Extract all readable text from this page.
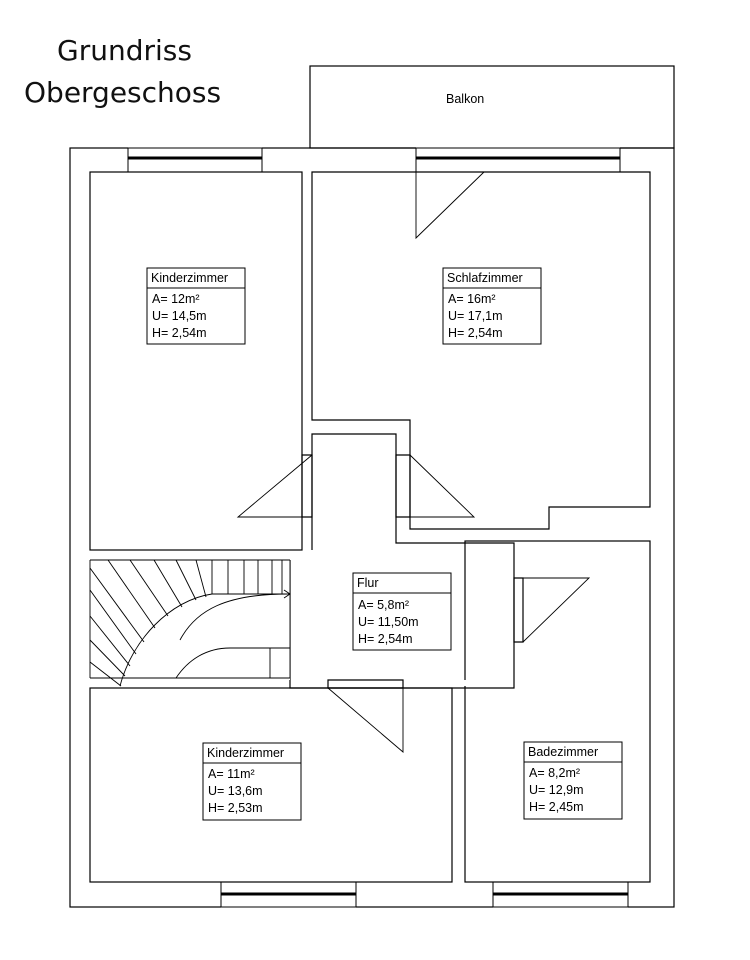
Grundriss
Obergeschoss	Balkon
Kinderzimmer
A= 12m²
U= 14,5m
H= 2,54m
Schlafzimmer
A= 16m²
U= 17,1m
H= 2,54m
Flur
A= 5,8m²
U= 11,50m
H= 2,54m
Kinderzimmer
A= 11m²
U= 13,6m
H= 2,53m
Badezimmer
A= 8,2m²
U= 12,9m
H= 2,45m
